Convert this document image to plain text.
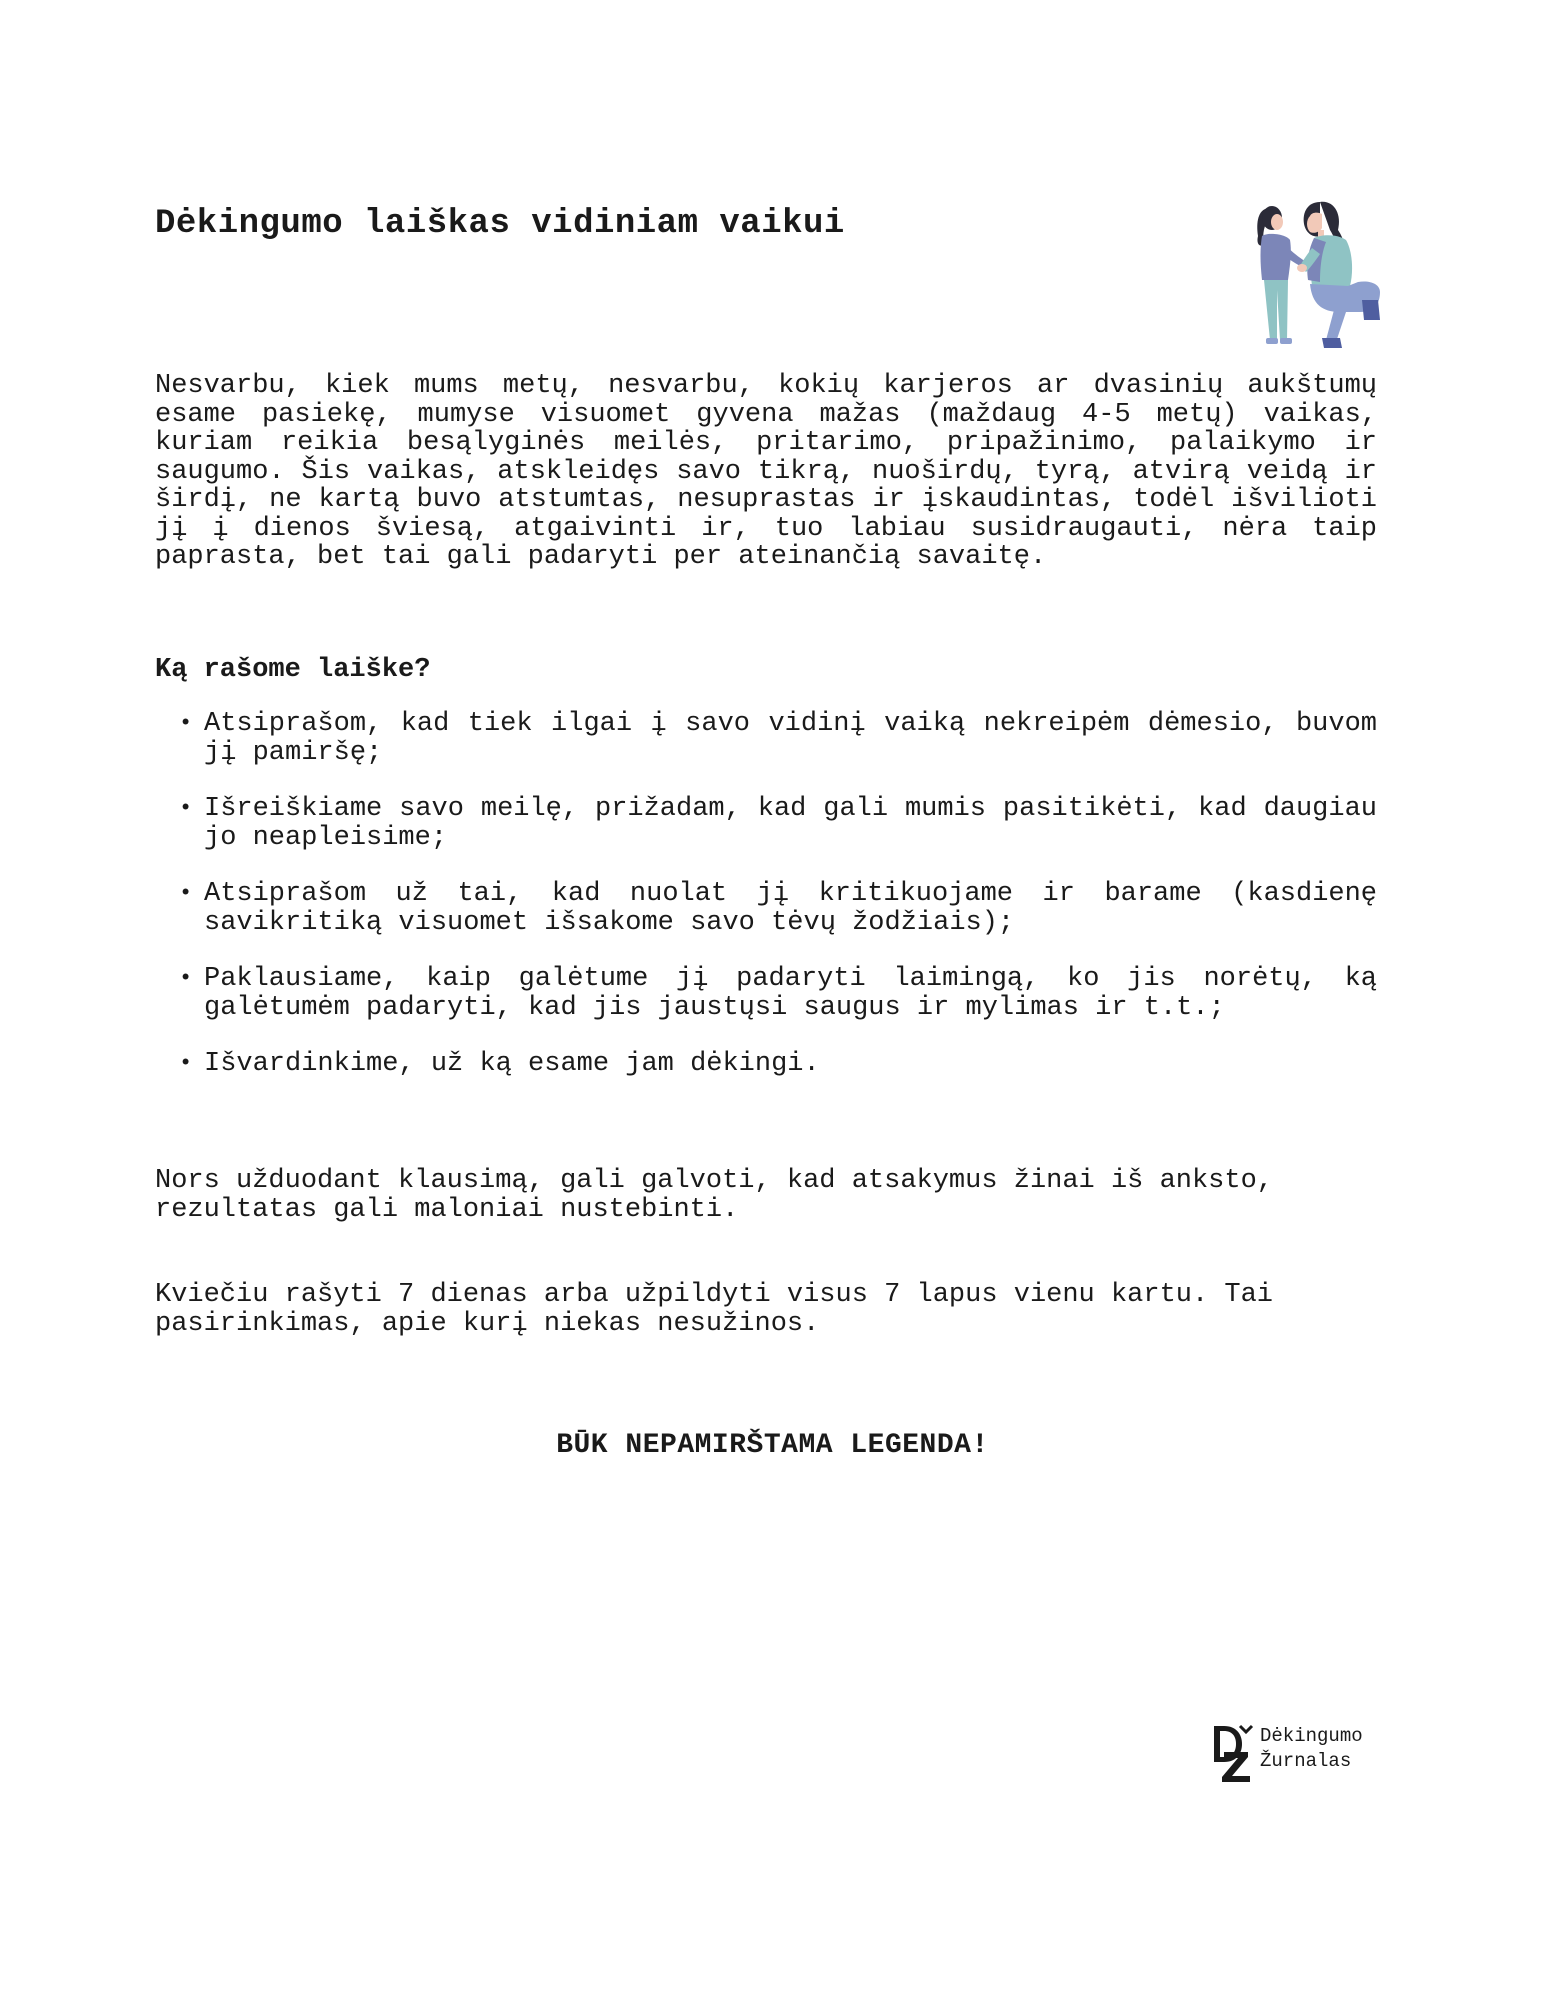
Dėkingumo laiškas vidiniam vaikui

Nesvarbu, kiek mums metų, nesvarbu, kokių karjeros ar dvasinių aukštumų esame pasiekę, mumyse visuomet gyvena mažas (maždaug 4-5 metų) vaikas, kuriam reikia besąlyginės meilės, pritarimo, pripažinimo, palaikymo ir saugumo. Šis vaikas, atskleidęs savo tikrą, nuoširdų, tyrą, atvirą veidą ir širdį, ne kartą buvo atstumtas, nesuprastas ir įskaudintas, todėl išvilioti jį į dienos šviesą, atgaivinti ir, tuo labiau susidraugauti, nėra taip paprasta, bet tai gali padaryti per ateinančią savaitę.

Ką rašome laiške?
• Atsiprašom, kad tiek ilgai į savo vidinį vaiką nekreipėm dėmesio, buvom jį pamiršę;
• Išreiškiame savo meilę, prižadam, kad gali mumis pasitikėti, kad daugiau jo neapleisime;
• Atsiprašom už tai, kad nuolat jį kritikuojame ir barame (kasdienę savikritiką visuomet išsakome savo tėvų žodžiais);
• Paklausiame, kaip galėtume jį padaryti laimingą, ko jis norėtų, ką galėtumėm padaryti, kad jis jaustųsi saugus ir mylimas ir t.t.;
• Išvardinkime, už ką esame jam dėkingi.

Nors užduodant klausimą, gali galvoti, kad atsakymus žinai iš anksto, rezultatas gali maloniai nustebinti.

Kviečiu rašyti 7 dienas arba užpildyti visus 7 lapus vienu kartu. Tai pasirinkimas, apie kurį niekas nesužinos.

BŪK NEPAMIRŠTAMA LEGENDA!

Dėkingumo
Žurnalas
